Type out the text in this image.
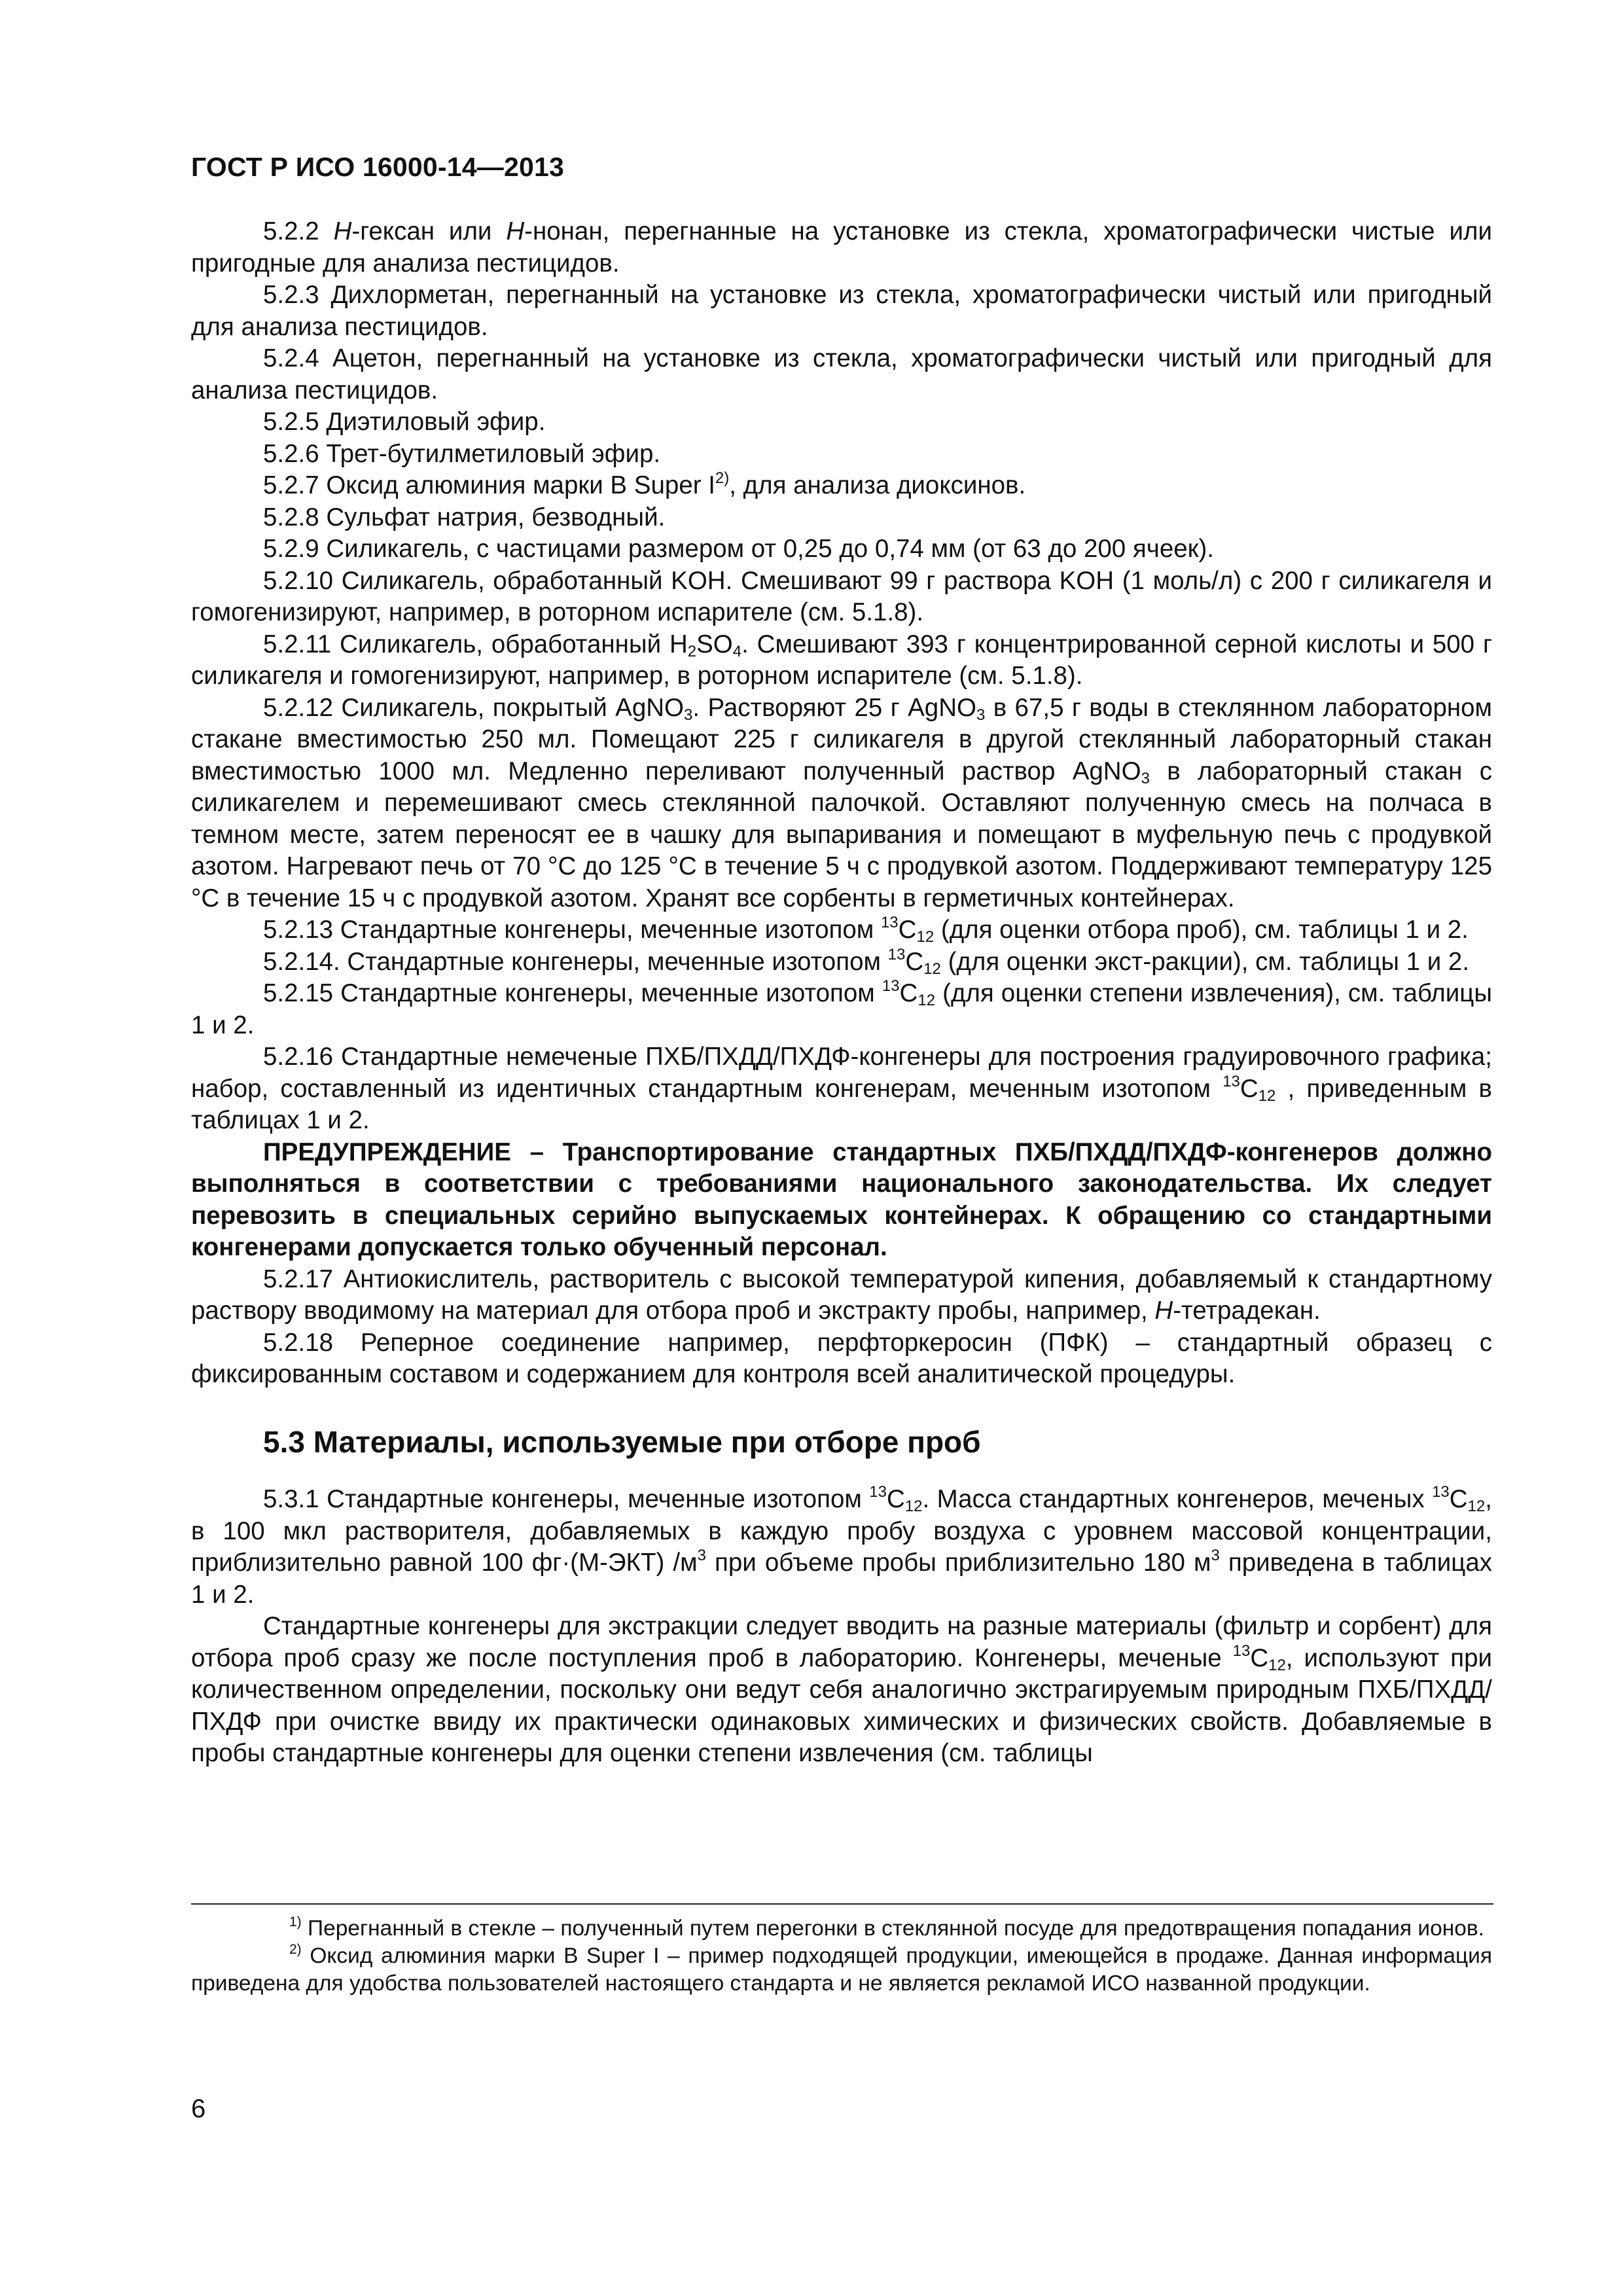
ГОСТ Р ИСО 16000-14—2013

5.2.2 Н-гексан или Н-нонан, перегнанные на установке из стекла, хроматографически чистые или пригодные для анализа пестицидов.

5.2.3 Дихлорметан, перегнанный на установке из стекла, хроматографически чистый или пригодный для анализа пестицидов.

5.2.4 Ацетон, перегнанный на установке из стекла, хроматографически чистый или пригодный для анализа пестицидов.

5.2.5 Диэтиловый эфир.

5.2.6 Трет-бутилметиловый эфир.

5.2.7 Оксид алюминия марки B Super $I^{2)}$, для анализа диоксинов.

5.2.8 Сульфат натрия, безводный.

5.2.9 Силикагель, с частицами размером от 0,25 до 0,74 мм (от 63 до 200 ячеек).

5.2.10 Силикагель, обработанный KOH. Смешивают 99 г раствора KOH (1 моль/л) с 200 г силикагеля и гомогенизируют, например, в роторном испарителе (см. 5.1.8).

5.2.11 Силикагель, обработанный $H_2SO_4$. Смешивают 393 г концентрированной серной кислоты и 500 г силикагеля и гомогенизируют, например, в роторном испарителе (см. 5.1.8).

5.2.12 Силикагель, покрытый AgNO$_3$. Растворяют 25 г AgNO$_3$ в 67,5 г воды в стеклянном лабораторном стакане вместимостью 250 мл. Помещают 225 г силикагеля в другой стеклянный лабораторный стакан вместимостью 1000 мл. Медленно переливают полученный раствор AgNO$_3$ в лабораторный стакан с силикагелем и перемешивают смесь стеклянной палочкой. Оставляют полученную смесь на полчаса в темном месте, затем переносят ее в чашку для выпаривания и помещают в муфельную печь с продувкой азотом. Нагревают печь от 70 °C до 125 °C в течение 5 ч с продувкой азотом. Поддерживают температуру 125 °C в течение 15 ч с продувкой азотом. Хранят все сорбенты в герметичных контейнерах.

5.2.13 Стандартные конгенеры, меченные изотопом $^{13}C_{12}$ (для оценки отбора проб), см. таблицы 1 и 2.

5.2.14. Стандартные конгенеры, меченные изотопом $^{13}C_{12}$ (для оценки экст-ракции), см. таблицы 1 и 2.

5.2.15 Стандартные конгенеры, меченные изотопом $^{13}C_{12}$ (для оценки степени извлечения), см. таблицы 1 и 2.

5.2.16 Стандартные немеченые ПХБ/ПХДД/ПХДФ-конгенеры для построения градуировочного графика; набор, составленный из идентичных стандартным конгенерам, меченным изотопом $^{13}C_{12}$ , приведенным в таблицах 1 и 2.

ПРЕДУПРЕЖДЕНИЕ – Транспортирование стандартных ПХБ/ПХДД/ПХДФ-конгенеров должно выполняться в соответствии с требованиями национального законодательства. Их следует перевозить в специальных серийно выпускаемых контейнерах. К обращению со стандартными конгенерами допускается только обученный персонал.

5.2.17 Антиокислитель, растворитель с высокой температурой кипения, добавляемый к стандартному раствору вводимому на материал для отбора проб и экстракту пробы, например, Н-тетрадекан.

5.2.18 Реперное соединение например, перфторкеросин (ПФК) – стандартный образец с фиксированным составом и содержанием для контроля всей аналитической процедуры.

5.3 Материалы, используемые при отборе проб

5.3.1 Стандартные конгенеры, меченные изотопом $^{13}C_{12}$. Масса стандартных конгенеров, меченых $^{13}C_{12}$, в 100 мкл растворителя, добавляемых в каждую пробу воздуха с уровнем массовой концентрации, приблизительно равной 100 фг·(М-ЭКТ) $/м^3$ при объеме пробы приблизительно 180 $м^3$ приведена в таблицах 1 и 2.

Стандартные конгенеры для экстракции следует вводить на разные материалы (фильтр и сорбент) для отбора проб сразу же после поступления проб в лабораторию. Конгенеры, меченые $^{13}C_{12}$, используют при количественном определении, поскольку они ведут себя аналогично экстрагируемым природным ПХБ/ПХДД/ПХДФ при очистке ввиду их практически одинаковых химических и физических свойств. Добавляемые в пробы стандартные конгенеры для оценки степени извлечения (см. таблицы

$^{1)}$ Перегнанный в стекле – полученный путем перегонки в стеклянной посуде для предотвращения попадания ионов.

$^{2)}$ Оксид алюминия марки B Super I – пример подходящей продукции, имеющейся в продаже. Данная информация приведена для удобства пользователей настоящего стандарта и не является рекламой ИСО названной продукции.

6
